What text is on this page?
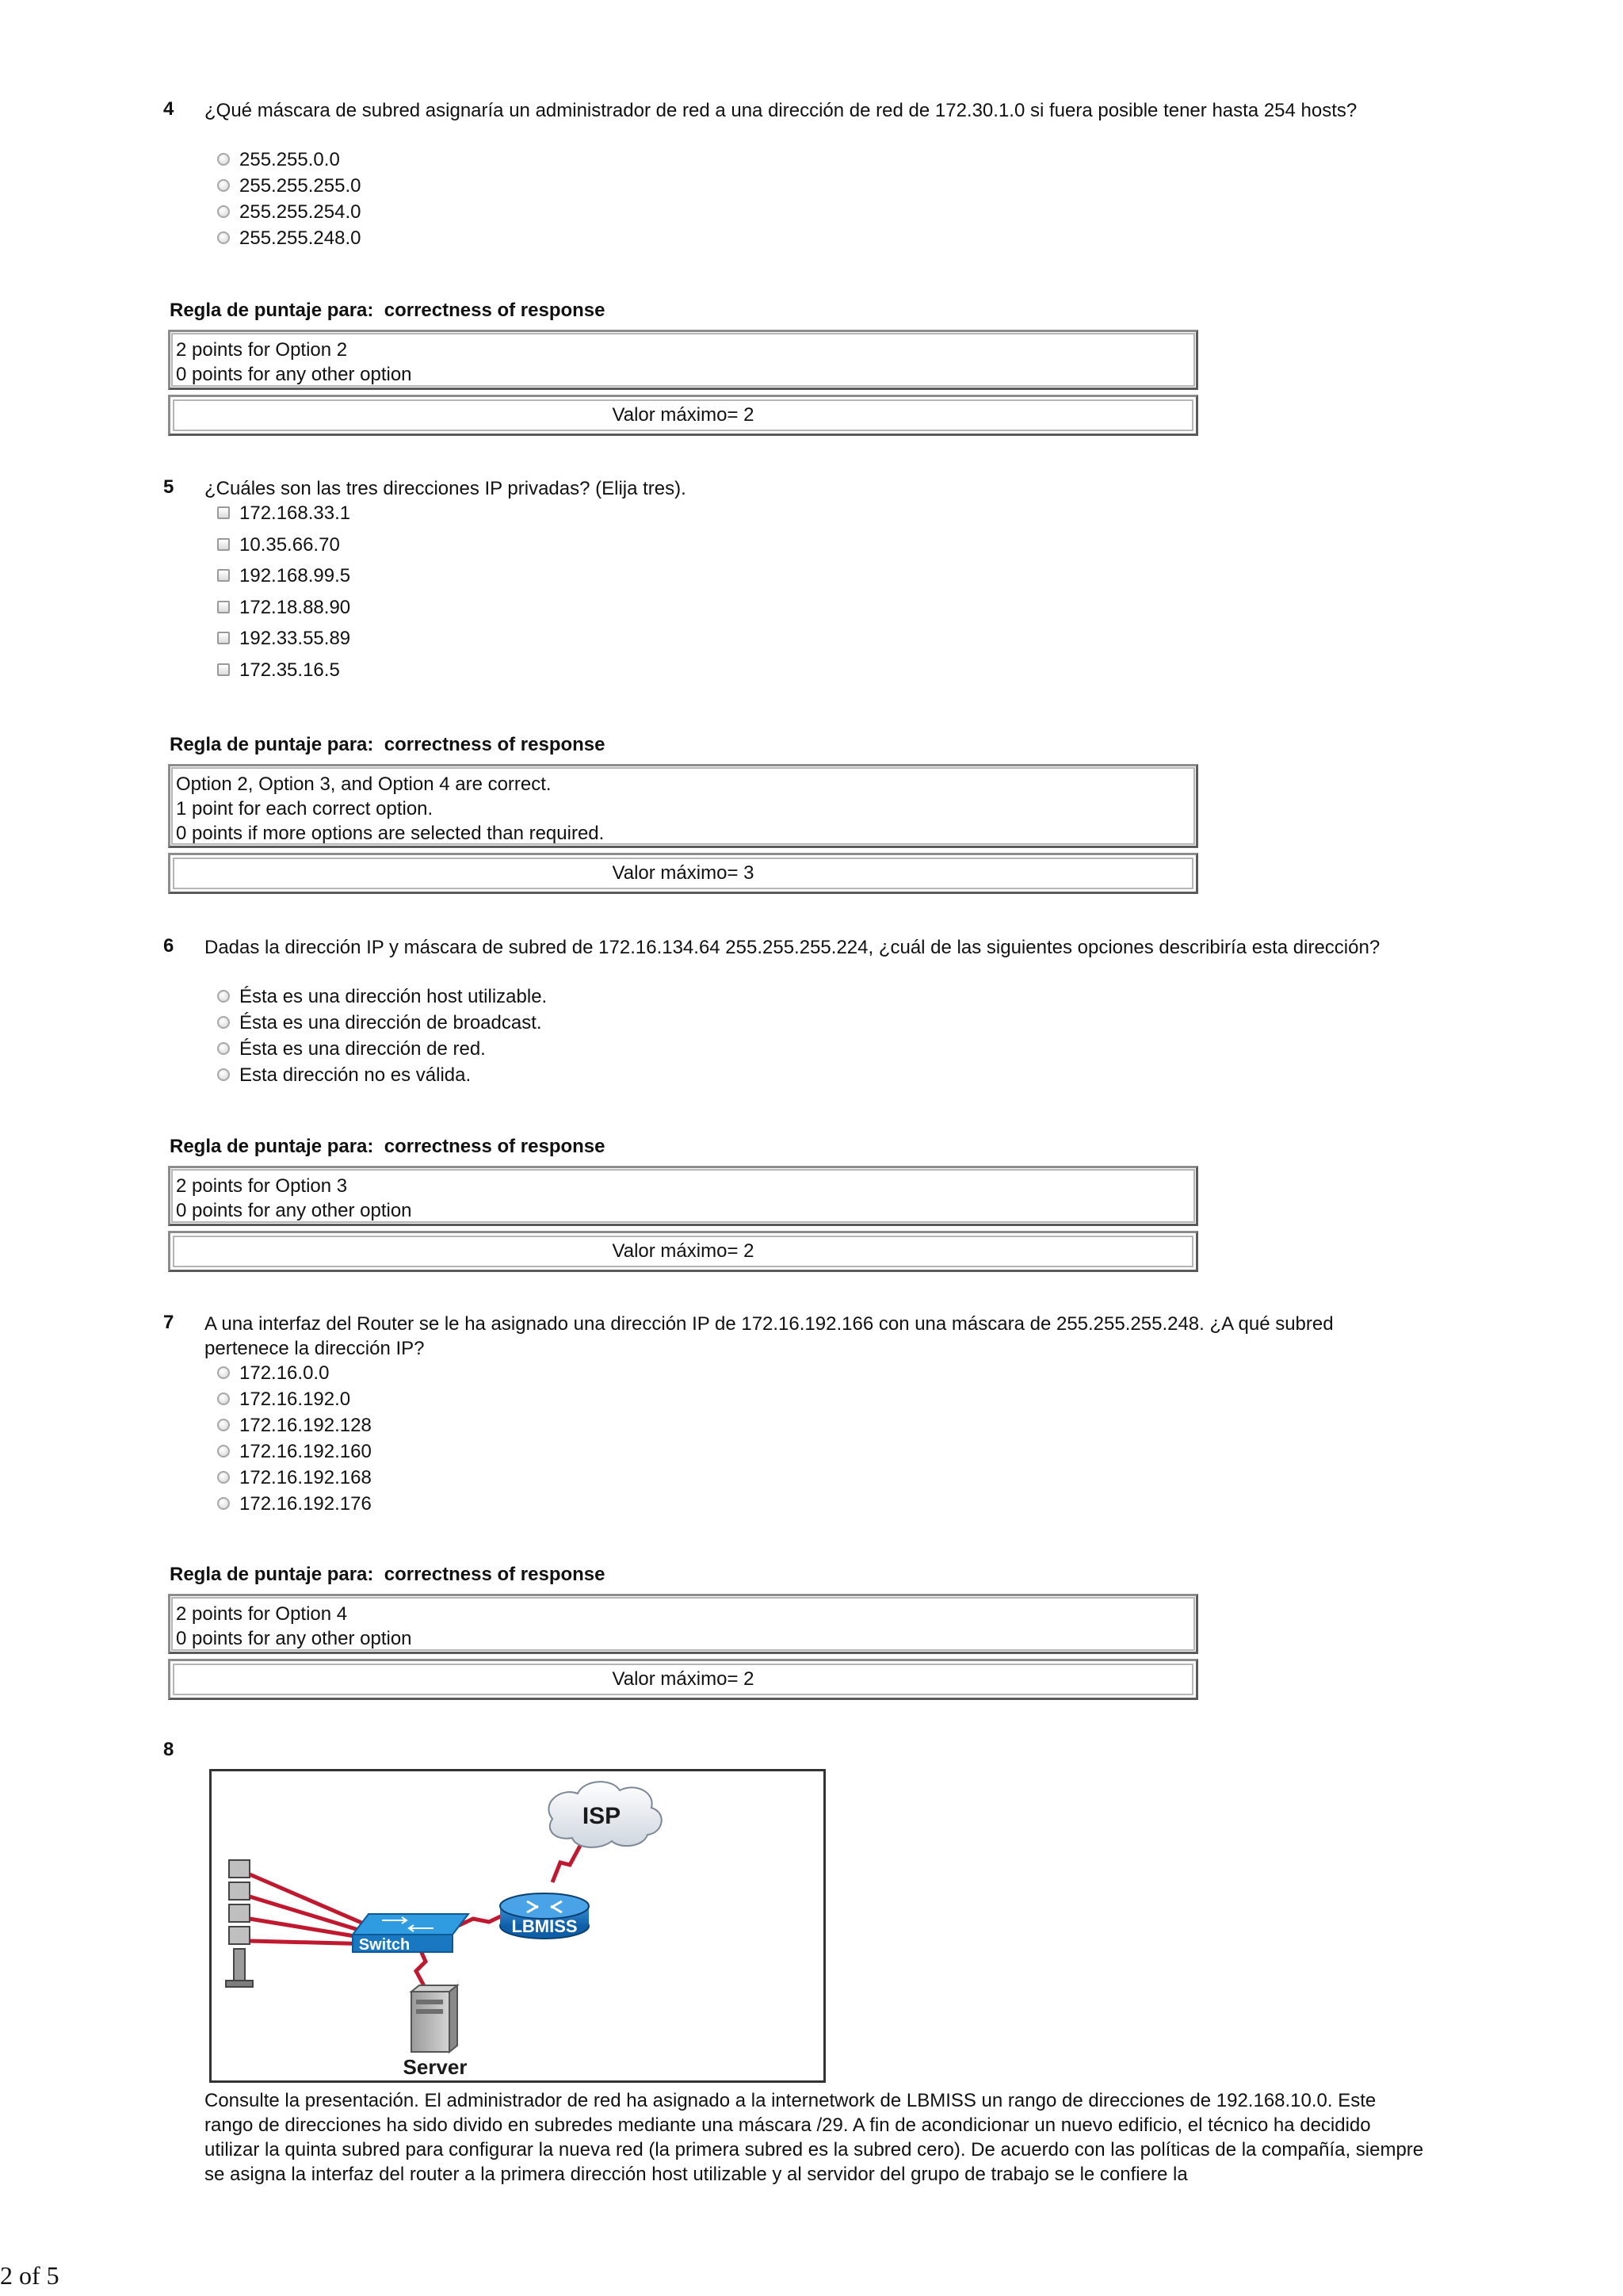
4 ¿Qué máscara de subred asignaría un administrador de red a una dirección de red de 172.30.1.0 si fuera posible tener hasta 254 hosts?
255.255.0.0
255.255.255.0
255.255.254.0
255.255.248.0
Regla de puntaje para:  correctness of response
2 points for Option 2
0 points for any other option
Valor máximo= 2
5 ¿Cuáles son las tres direcciones IP privadas? (Elija tres).
172.168.33.1
10.35.66.70
192.168.99.5
172.18.88.90
192.33.55.89
172.35.16.5
Regla de puntaje para:  correctness of response
Option 2, Option 3, and Option 4 are correct.
1 point for each correct option.
0 points if more options are selected than required.
Valor máximo= 3
6 Dadas la dirección IP y máscara de subred de 172.16.134.64 255.255.255.224, ¿cuál de las siguientes opciones describiría esta dirección?
Ésta es una dirección host utilizable.
Ésta es una dirección de broadcast.
Ésta es una dirección de red.
Esta dirección no es válida.
Regla de puntaje para:  correctness of response
2 points for Option 3
0 points for any other option
Valor máximo= 2
7 A una interfaz del Router se le ha asignado una dirección IP de 172.16.192.166 con una máscara de 255.255.255.248. ¿A qué subred pertenece la dirección IP?
172.16.0.0
172.16.192.0
172.16.192.128
172.16.192.160
172.16.192.168
172.16.192.176
Regla de puntaje para:  correctness of response
2 points for Option 4
0 points for any other option
Valor máximo= 2
8
Switch
LBMISS
ISP
Server
Consulte la presentación. El administrador de red ha asignado a la internetwork de LBMISS un rango de direcciones de 192.168.10.0. Este rango de direcciones ha sido divido en subredes mediante una máscara /29. A fin de acondicionar un nuevo edificio, el técnico ha decidido utilizar la quinta subred para configurar la nueva red (la primera subred es la subred cero). De acuerdo con las políticas de la compañía, siempre se asigna la interfaz del router a la primera dirección host utilizable y al servidor del grupo de trabajo se le confiere la
2 of 5
